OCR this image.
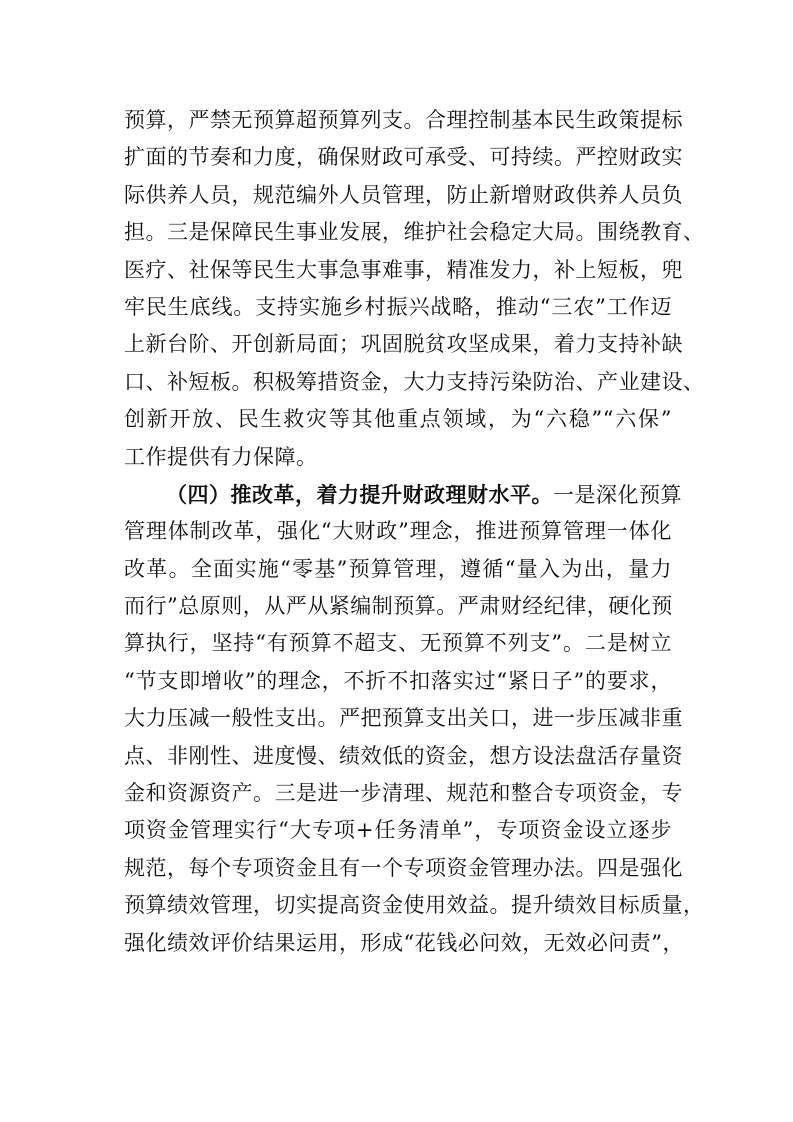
预算，严禁无预算超预算列支。合理控制基本民生政策提标
扩面的节奏和力度，确保财政可承受、可持续。严控财政实
际供养人员，规范编外人员管理，防止新增财政供养人员负
担。三是保障民生事业发展，维护社会稳定大局。围绕教育、
医疗、社保等民生大事急事难事，精准发力，补上短板，兜
牢民生底线。支持实施乡村振兴战略，推动“三农”工作迈
上新台阶、开创新局面；巩固脱贫攻坚成果，着力支持补缺
口、补短板。积极筹措资金，大力支持污染防治、产业建设、
创新开放、民生救灾等其他重点领域，为“六稳”“六保”
工作提供有力保障。
（四）推改革，着力提升财政理财水平。一是深化预算
管理体制改革，强化“大财政”理念，推进预算管理一体化
改革。全面实施“零基”预算管理，遵循“量入为出，量力
而行”总原则，从严从紧编制预算。严肃财经纪律，硬化预
算执行，坚持“有预算不超支、无预算不列支”。二是树立
“节支即增收”的理念，不折不扣落实过“紧日子”的要求，
大力压减一般性支出。严把预算支出关口，进一步压减非重
点、非刚性、进度慢、绩效低的资金，想方设法盘活存量资
金和资源资产。三是进一步清理、规范和整合专项资金，专
项资金管理实行“大专项+任务清单”，专项资金设立逐步
规范，每个专项资金且有一个专项资金管理办法。四是强化
预算绩效管理，切实提高资金使用效益。提升绩效目标质量，
强化绩效评价结果运用，形成“花钱必问效，无效必问责”，
